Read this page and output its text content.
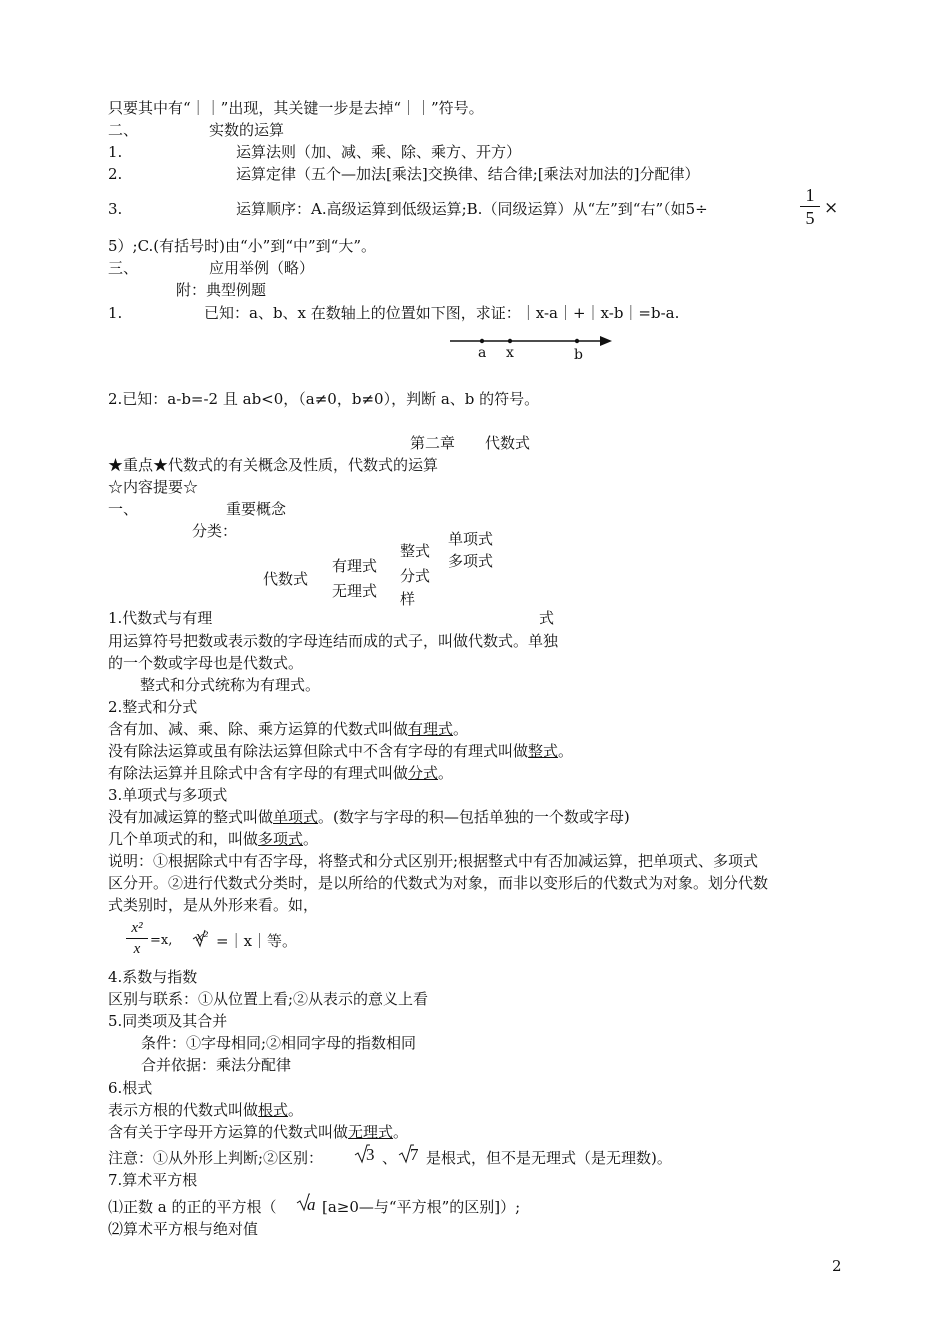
只要其中有“｜｜”出现，其关键一步是去掉“｜｜”符号。
二、	实数的运算
1.	运算法则（加、减、乘、除、乘方、开方）
2.	运算定律（五个—加法[乘法]交换律、结合律;[乘法对加法的]分配律）
3.	运算顺序：A.高级运算到低级运算;B.（同级运算）从“左”到“右”（如5÷	$\frac{1}{5}$ ×
5）;C.(有括号时)由“小”到“中”到“大”。
三、	应用举例（略）
附：典型例题
1.	已知：a、b、x 在数轴上的位置如下图，求证：｜x-a｜+｜x-b｜=b-a.
a x	b
2.已知：a-b=-2 且 ab<0，（a≠0，b≠0），判断 a、b 的符号。
第二章　　代数式
★重点★代数式的有关概念及性质，代数式的运算
☆内容提要☆
一、	重要概念
分类：	单项式
多项式
整式
有理式
代数式	分式
无理式 样
1.代数式与有理	式
用运算符号把数或表示数的字母连结而成的式子，叫做代数式。单独
的一个数或字母也是代数式。
整式和分式统称为有理式。
2.整式和分式
含有加、减、乘、除、乘方运算的代数式叫做有理式。
没有除法运算或虽有除法运算但除式中不含有字母的有理式叫做整式。
有除法运算并且除式中含有字母的有理式叫做分式。
3.单项式与多项式
没有加减运算的整式叫做单项式。(数字与字母的积—包括单独的一个数或字母)
几个单项式的和，叫做多项式。
说明：①根据除式中有否字母，将整式和分式区别开;根据整式中有否加减运算，把单项式、多项式
区分开。②进行代数式分类时，是以所给的代数式为对象，而非以变形后的代数式为对象。划分代数
式类别时，是从外形来看。如，
$\frac{\text{x²}}{x} =x$, x² =｜x｜等。
4.系数与指数
区别与联系：①从位置上看;②从表示的意义上看
5.同类项及其合并
条件：①字母相同;②相同字母的指数相同
合并依据：乘法分配律
6.根式
表示方根的代数式叫做根式。
含有关于字母开方运算的代数式叫做无理式。
注意：①从外形上判断;②区别：	3 、 7 是根式，但不是无理式（是无理数)。
7.算术平方根
⑴正数 a 的正的平方根（ a [a≥0—与“平方根”的区别]）;
⑵算术平方根与绝对值
2
